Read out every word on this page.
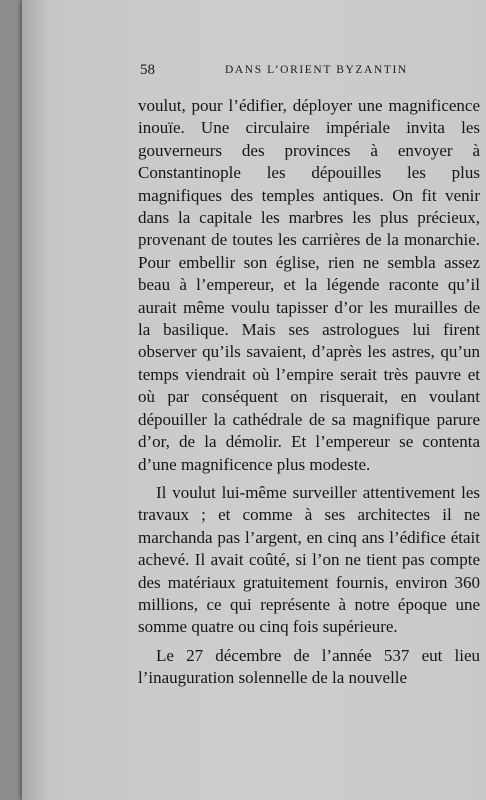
58	DANS L’ORIENT BYZANTIN

voulut, pour l’édifier, déployer une magnificence inouïe. Une circulaire impériale invita les gouverneurs des provinces à envoyer à Constantinople les dépouilles les plus magnifiques des temples antiques. On fit venir dans la capitale les marbres les plus précieux, provenant de toutes les carrières de la monarchie. Pour embellir son église, rien ne sembla assez beau à l’empereur, et la légende raconte qu’il aurait même voulu tapisser d’or les murailles de la basilique. Mais ses astrologues lui firent observer qu’ils savaient, d’après les astres, qu’un temps viendrait où l’empire serait très pauvre et où par conséquent on risquerait, en voulant dépouiller la cathédrale de sa magnifique parure d’or, de la démolir. Et l’empereur se contenta d’une magnificence plus modeste.

Il voulut lui-même surveiller attentivement les travaux ; et comme à ses architectes il ne marchanda pas l’argent, en cinq ans l’édifice était achevé. Il avait coûté, si l’on ne tient pas compte des matériaux gratuitement fournis, environ 360 millions, ce qui représente à notre époque une somme quatre ou cinq fois supérieure.

Le 27 décembre de l’année 537 eut lieu l’inauguration solennelle de la nouvelle
